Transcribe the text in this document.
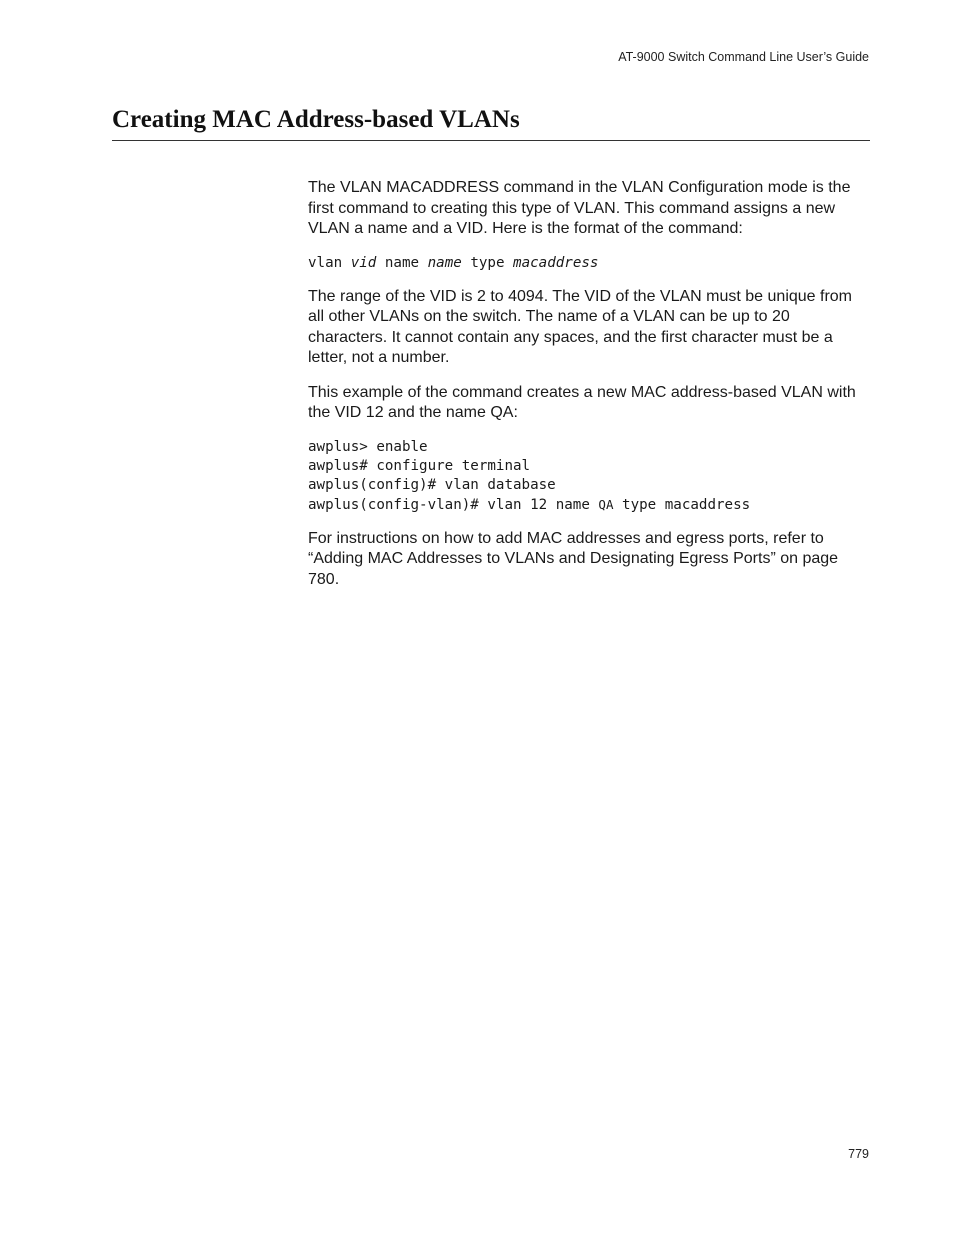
AT-9000 Switch Command Line User’s Guide
Creating MAC Address-based VLANs

The VLAN MACADDRESS command in the VLAN Configuration mode is the first command to creating this type of VLAN. This command assigns a new VLAN a name and a VID. Here is the format of the command:

vlan vid name name type macaddress

The range of the VID is 2 to 4094. The VID of the VLAN must be unique from all other VLANs on the switch. The name of a VLAN can be up to 20 characters. It cannot contain any spaces, and the first character must be a letter, not a number.

This example of the command creates a new MAC address-based VLAN with the VID 12 and the name QA:

awplus> enable
awplus# configure terminal
awplus(config)# vlan database
awplus(config-vlan)# vlan 12 name QA type macaddress

For instructions on how to add MAC addresses and egress ports, refer to “Adding MAC Addresses to VLANs and Designating Egress Ports” on page 780.

779
